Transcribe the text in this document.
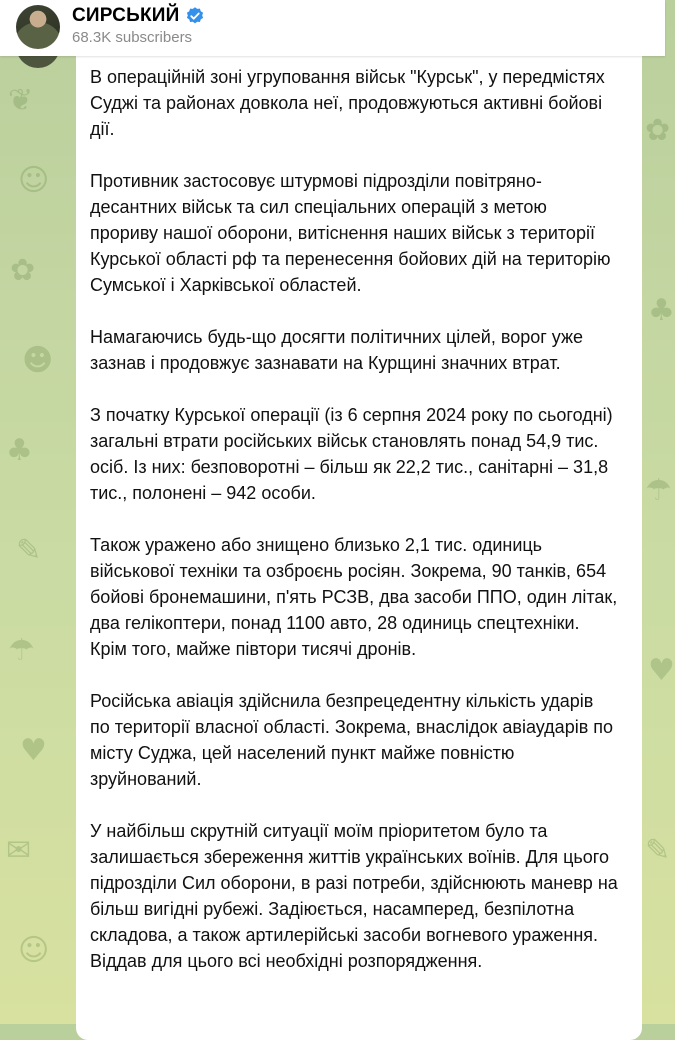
❦
☺
✿
☻
♣
✎
☂
♥
✉
☺
✿
♣
☂
♥
✎
СИРСЬКИЙ
68.3K subscribers

В операційній зоні угруповання військ "Курськ", у передмістях
Суджі та районах довкола неї, продовжуються активні бойові
дії.

Противник застосовує штурмові підрозділи повітряно-
десантних військ та сил спеціальних операцій з метою
прориву нашої оборони, витіснення наших військ з території
Курської області рф та перенесення бойових дій на територію
Сумської і Харківської областей.

Намагаючись будь-що досягти політичних цілей, ворог уже
зазнав і продовжує зазнавати на Курщині значних втрат.

З початку Курської операції (із 6 серпня 2024 року по сьогодні)
загальні втрати російських військ становлять понад 54,9 тис.
осіб. Із них: безповоротні – більш як 22,2 тис., санітарні – 31,8
тис., полонені – 942 особи.

Також уражено або знищено близько 2,1 тис. одиниць
військової техніки та озброєнь росіян. Зокрема, 90 танків, 654
бойові бронемашини, п'ять РСЗВ, два засоби ППО, один літак,
два гелікоптери, понад 1100 авто, 28 одиниць спецтехніки.
Крім того, майже півтори тисячі дронів.

Російська авіація здійснила безпрецедентну кількість ударів
по території власної області. Зокрема, внаслідок авіаударів по
місту Суджа, цей населений пункт майже повністю
зруйнований.

У найбільш скрутній ситуації моїм пріоритетом було та
залишається збереження життів українських воїнів. Для цього
підрозділи Сил оборони, в разі потреби, здійснюють маневр на
більш вигідні рубежі. Задіюється, насамперед, безпілотна
складова, а також артилерійські засоби вогневого ураження.
Віддав для цього всі необхідні розпорядження.
